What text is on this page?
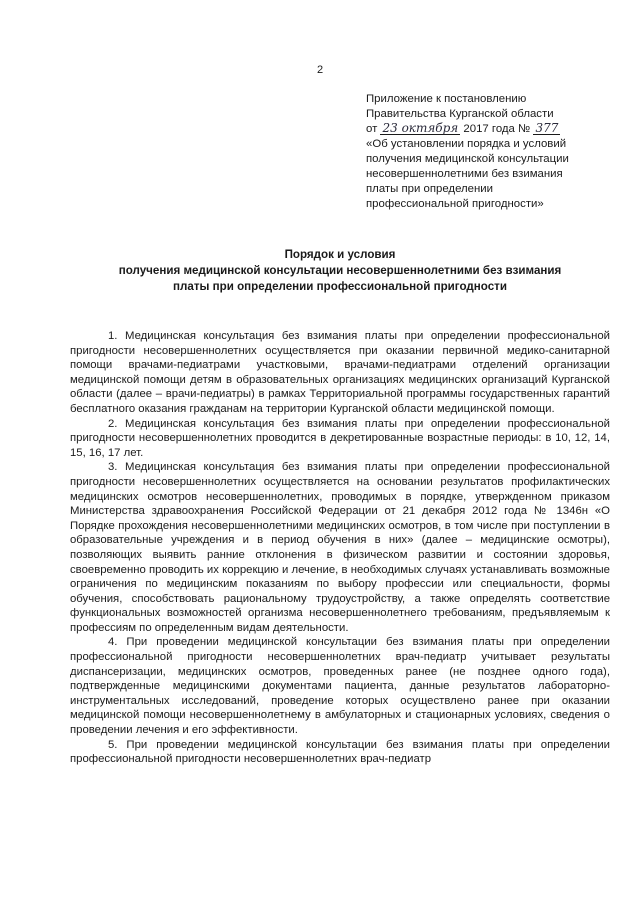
2
Приложение к постановлению
Правительства Курганской области
от 23 октября 2017 года № 377
«Об установлении порядка и условий
получения медицинской консультации
несовершеннолетними без взимания
платы при определении
профессиональной пригодности»
Порядок и условия
получения медицинской консультации несовершеннолетними без взимания
платы при определении профессиональной пригодности

1. Медицинская консультация без взимания платы при определении профессиональной пригодности несовершеннолетних осуществляется при оказании первичной медико-санитарной помощи врачами-педиатрами участковыми, врачами-педиатрами отделений организации медицинской помощи детям в образовательных организациях медицинских организаций Курганской области (далее – врачи-педиатры) в рамках Территориальной программы государственных гарантий бесплатного оказания гражданам на территории Курганской области медицинской помощи.

2. Медицинская консультация без взимания платы при определении профессиональной пригодности несовершеннолетних проводится в декретированные возрастные периоды: в 10, 12, 14, 15, 16, 17 лет.

3. Медицинская консультация без взимания платы при определении профессиональной пригодности несовершеннолетних осуществляется на основании результатов профилактических медицинских осмотров несовершеннолетних, проводимых в порядке, утвержденном приказом Министерства здравоохранения Российской Федерации от 21 декабря 2012 года № 1346н «О Порядке прохождения несовершеннолетними медицинских осмотров, в том числе при поступлении в образовательные учреждения и в период обучения в них» (далее – медицинские осмотры), позволяющих выявить ранние отклонения в физическом развитии и состоянии здоровья, своевременно проводить их коррекцию и лечение, в необходимых случаях устанавливать возможные ограничения по медицинским показаниям по выбору профессии или специальности, формы обучения, способствовать рациональному трудоустройству, а также определять соответствие функциональных возможностей организма несовершеннолетнего требованиям, предъявляемым к профессиям по определенным видам деятельности.

4. При проведении медицинской консультации без взимания платы при определении профессиональной пригодности несовершеннолетних врач-педиатр учитывает результаты диспансеризации, медицинских осмотров, проведенных ранее (не позднее одного года), подтвержденные медицинскими документами пациента, данные результатов лабораторно-инструментальных исследований, проведение которых осуществлено ранее при оказании медицинской помощи несовершеннолетнему в амбулаторных и стационарных условиях, сведения о проведении лечения и его эффективности.

5. При проведении медицинской консультации без взимания платы при определении профессиональной пригодности несовершеннолетних врач-педиатр
